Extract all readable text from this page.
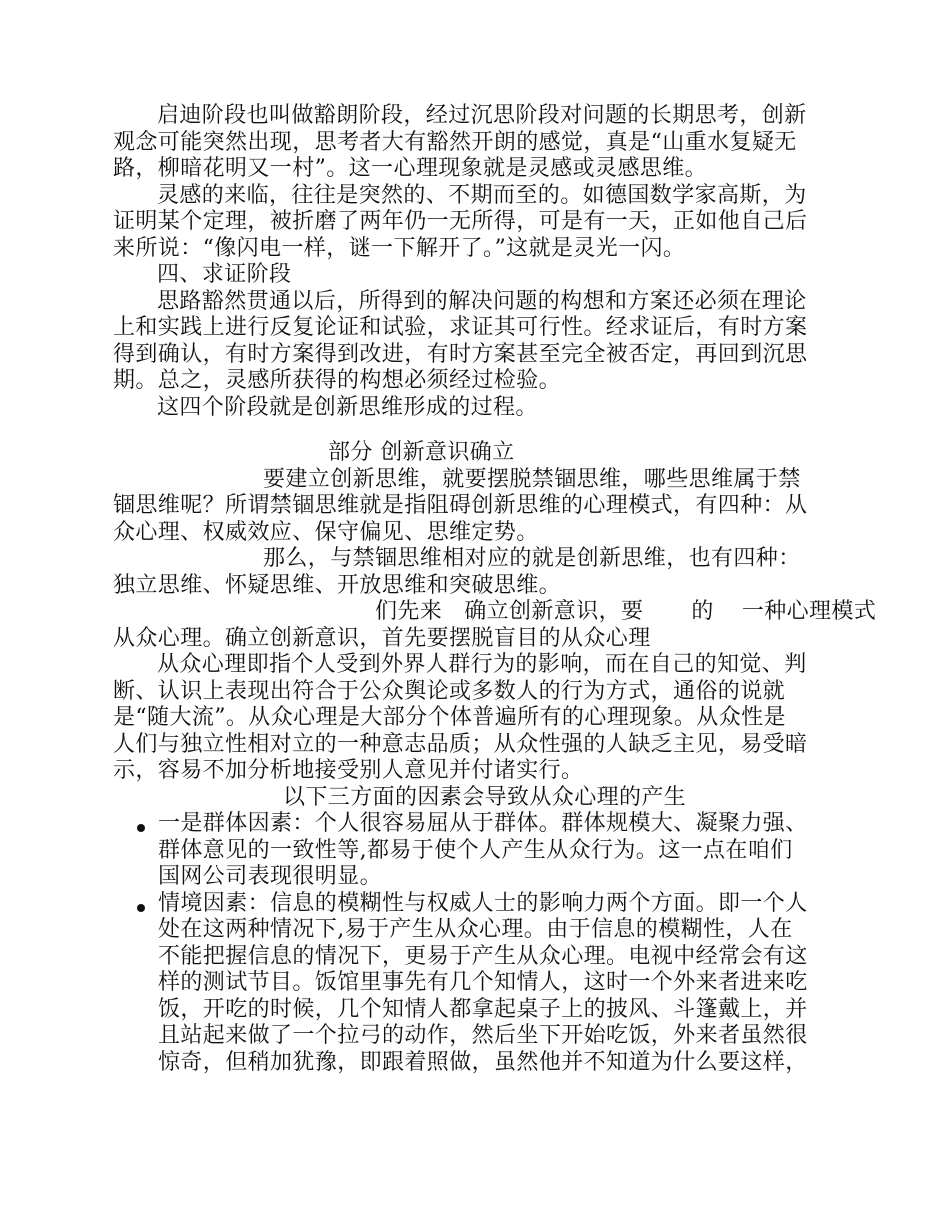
启迪阶段也叫做豁朗阶段，经过沉思阶段对问题的长期思考，创新
观念可能突然出现，思考者大有豁然开朗的感觉，真是“山重水复疑无
路，柳暗花明又一村”。这一心理现象就是灵感或灵感思维。

灵感的来临，往往是突然的、不期而至的。如德国数学家高斯，为
证明某个定理，被折磨了两年仍一无所得，可是有一天，正如他自己后
来所说：“像闪电一样，谜一下解开了。”这就是灵光一闪。

四、求证阶段

思路豁然贯通以后，所得到的解决问题的构想和方案还必须在理论
上和实践上进行反复论证和试验，求证其可行性。经求证后，有时方案
得到确认，有时方案得到改进，有时方案甚至完全被否定，再回到沉思
期。总之，灵感所获得的构想必须经过检验。

这四个阶段就是创新思维形成的过程。

部分 创新意识确立

要建立创新思维，就要摆脱禁锢思维，哪些思维属于禁
锢思维呢？所谓禁锢思维就是指阻碍创新思维的心理模式，有四种：从
众心理、权威效应、保守偏见、思维定势。

那么，与禁锢思维相对应的就是创新思维，也有四种：
独立思维、怀疑思维、开放思维和突破思维。

们先来 确立创新意识，要 的 一种心理模式
从众心理。确立创新意识，首先要摆脱盲目的从众心理

从众心理即指个人受到外界人群行为的影响，而在自己的知觉、判
断、认识上表现出符合于公众舆论或多数人的行为方式，通俗的说就
是“随大流”。从众心理是大部分个体普遍所有的心理现象。从众性是
人们与独立性相对立的一种意志品质；从众性强的人缺乏主见，易受暗
示，容易不加分析地接受别人意见并付诸实行。

以下三方面的因素会导致从众心理的产生

一是群体因素：个人很容易屈从于群体。群体规模大、凝聚力强、
群体意见的一致性等,都易于使个人产生从众行为。这一点在咱们
国网公司表现很明显。
情境因素：信息的模糊性与权威人士的影响力两个方面。即一个人
处在这两种情况下,易于产生从众心理。由于信息的模糊性，人在
不能把握信息的情况下，更易于产生从众心理。电视中经常会有这
样的测试节目。饭馆里事先有几个知情人，这时一个外来者进来吃
饭，开吃的时候，几个知情人都拿起桌子上的披风、斗篷戴上，并
且站起来做了一个拉弓的动作，然后坐下开始吃饭，外来者虽然很
惊奇，但稍加犹豫，即跟着照做，虽然他并不知道为什么要这样，
